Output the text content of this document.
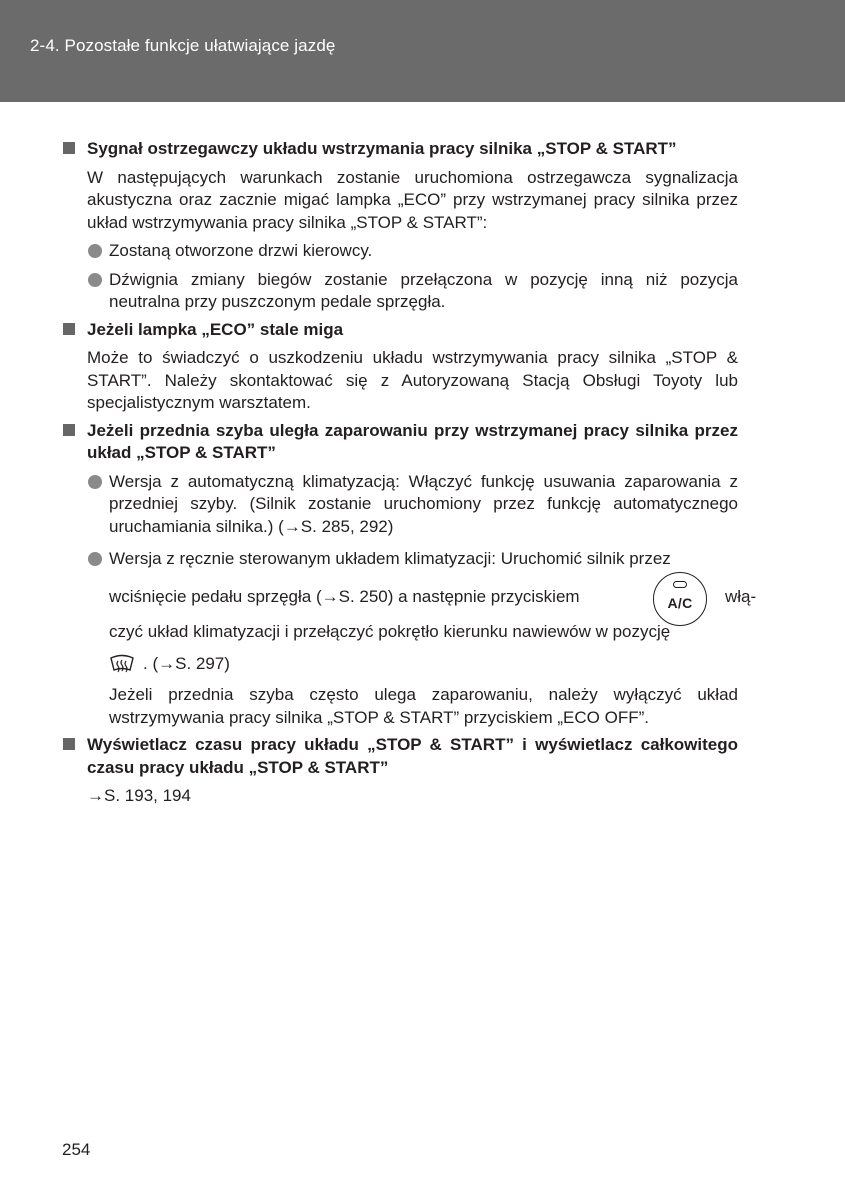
2-4. Pozostałe funkcje ułatwiające jazdę
Sygnał ostrzegawczy układu wstrzymania pracy silnika „STOP & START”
W następujących warunkach zostanie uruchomiona ostrzegawcza sygnalizacja akustyczna oraz zacznie migać lampka „ECO” przy wstrzymanej pracy silnika przez układ wstrzymywania pracy silnika „STOP & START”:
Zostaną otworzone drzwi kierowcy.
Dźwignia zmiany biegów zostanie przełączona w pozycję inną niż pozycja neutralna przy puszczonym pedale sprzęgła.
Jeżeli lampka „ECO” stale miga
Może to świadczyć o uszkodzeniu układu wstrzymywania pracy silnika „STOP & START”. Należy skontaktować się z Autoryzowaną Stacją Obsługi Toyoty lub specjalistycznym warsztatem.
Jeżeli przednia szyba uległa zaparowaniu przy wstrzymanej pracy silnika przez układ „STOP & START”
Wersja z automatyczną klimatyzacją: Włączyć funkcję usuwania zaparowania z przedniej szyby. (Silnik zostanie uruchomiony przez funkcję automatycznego uruchamiania silnika.) (→S. 285, 292)
Wersja z ręcznie sterowanym układem klimatyzacji: Uruchomić silnik przez
wciśnięcie pedału sprzęgła (→S. 250) a następnie przyciskiem	A/C	włą-
czyć układ klimatyzacji i przełączyć pokrętło kierunku nawiewów w pozycję
. (→S. 297)
Jeżeli przednia szyba często ulega zaparowaniu, należy wyłączyć układ wstrzymywania pracy silnika „STOP & START” przyciskiem „ECO OFF”.
Wyświetlacz czasu pracy układu „STOP & START” i wyświetlacz całkowitego czasu pracy układu „STOP & START”
→S. 193, 194
254
